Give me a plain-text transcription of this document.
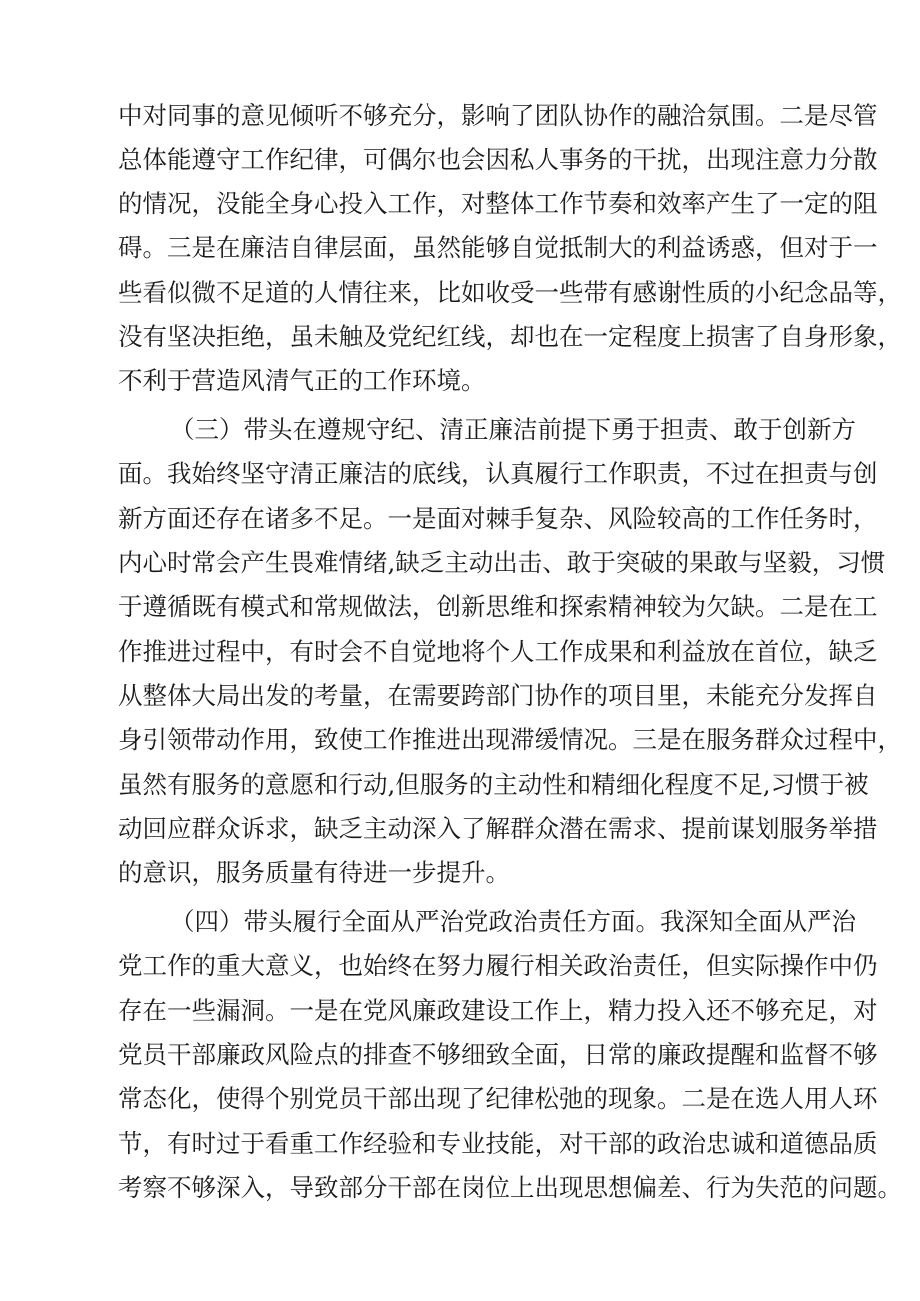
中对同事的意见倾听不够充分，影响了团队协作的融洽氛围。二是尽管
总体能遵守工作纪律，可偶尔也会因私人事务的干扰，出现注意力分散
的情况，没能全身心投入工作，对整体工作节奏和效率产生了一定的阻
碍。三是在廉洁自律层面，虽然能够自觉抵制大的利益诱惑，但对于一
些看似微不足道的人情往来，比如收受一些带有感谢性质的小纪念品等，
没有坚决拒绝，虽未触及党纪红线，却也在一定程度上损害了自身形象，
不利于营造风清气正的工作环境。
（三）带头在遵规守纪、清正廉洁前提下勇于担责、敢于创新方
面。我始终坚守清正廉洁的底线，认真履行工作职责，不过在担责与创
新方面还存在诸多不足。一是面对棘手复杂、风险较高的工作任务时，
内心时常会产生畏难情绪,缺乏主动出击、敢于突破的果敢与坚毅，习惯
于遵循既有模式和常规做法，创新思维和探索精神较为欠缺。二是在工
作推进过程中，有时会不自觉地将个人工作成果和利益放在首位，缺乏
从整体大局出发的考量，在需要跨部门协作的项目里，未能充分发挥自
身引领带动作用，致使工作推进出现滞缓情况。三是在服务群众过程中，
虽然有服务的意愿和行动,但服务的主动性和精细化程度不足,习惯于被
动回应群众诉求，缺乏主动深入了解群众潜在需求、提前谋划服务举措
的意识，服务质量有待进一步提升。
（四）带头履行全面从严治党政治责任方面。我深知全面从严治
党工作的重大意义，也始终在努力履行相关政治责任，但实际操作中仍
存在一些漏洞。一是在党风廉政建设工作上，精力投入还不够充足，对
党员干部廉政风险点的排查不够细致全面，日常的廉政提醒和监督不够
常态化，使得个别党员干部出现了纪律松弛的现象。二是在选人用人环
节，有时过于看重工作经验和专业技能，对干部的政治忠诚和道德品质
考察不够深入，导致部分干部在岗位上出现思想偏差、行为失范的问题。
